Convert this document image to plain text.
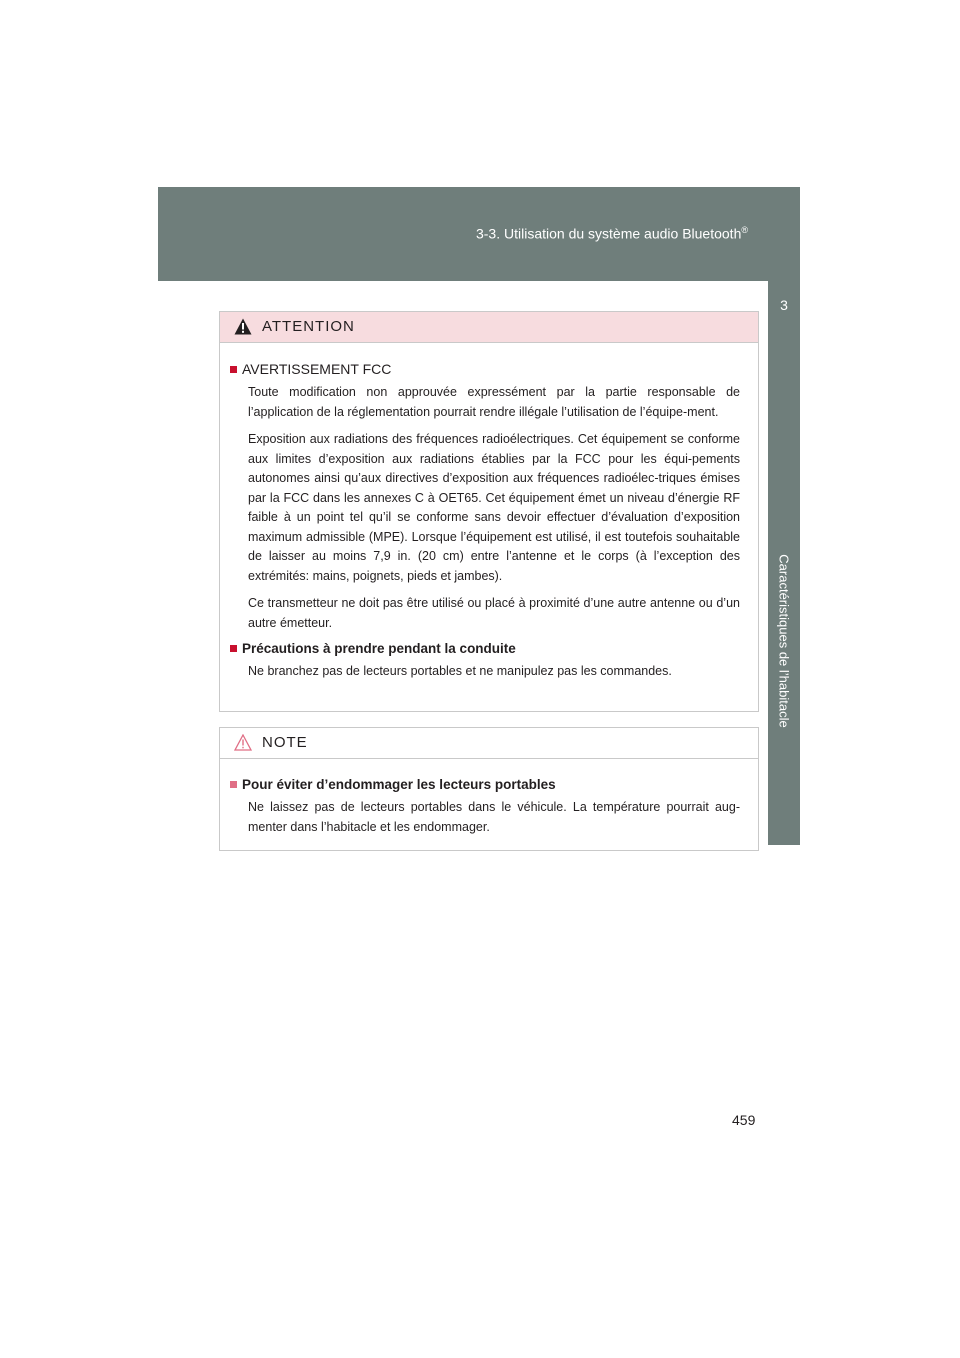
3-3. Utilisation du système audio Bluetooth®
3
Caractéristiques de l’habitacle
ATTENTION
AVERTISSEMENT FCC

Toute modification non approuvée expressément par la partie responsable de l’application de la réglementation pourrait rendre illégale l’utilisation de l’équipe-ment.

Exposition aux radiations des fréquences radioélectriques. Cet équipement se conforme aux limites d’exposition aux radiations établies par la FCC pour les équi-pements autonomes ainsi qu’aux directives d’exposition aux fréquences radioélec-triques émises par la FCC dans les annexes C à OET65. Cet équipement émet un niveau d’énergie RF faible à un point tel qu’il se conforme sans devoir effectuer d’évaluation d’exposition maximum admissible (MPE). Lorsque l’équipement est utilisé, il est toutefois souhaitable de laisser au moins 7,9 in. (20 cm) entre l’antenne et le corps (à l’exception des extrémités: mains, poignets, pieds et jambes).

Ce transmetteur ne doit pas être utilisé ou placé à proximité d’une autre antenne ou d’un autre émetteur.

Précautions à prendre pendant la conduite

Ne branchez pas de lecteurs portables et ne manipulez pas les commandes.

NOTE
Pour éviter d’endommager les lecteurs portables

Ne laissez pas de lecteurs portables dans le véhicule. La température pourrait aug-menter dans l’habitacle et les endommager.

459
